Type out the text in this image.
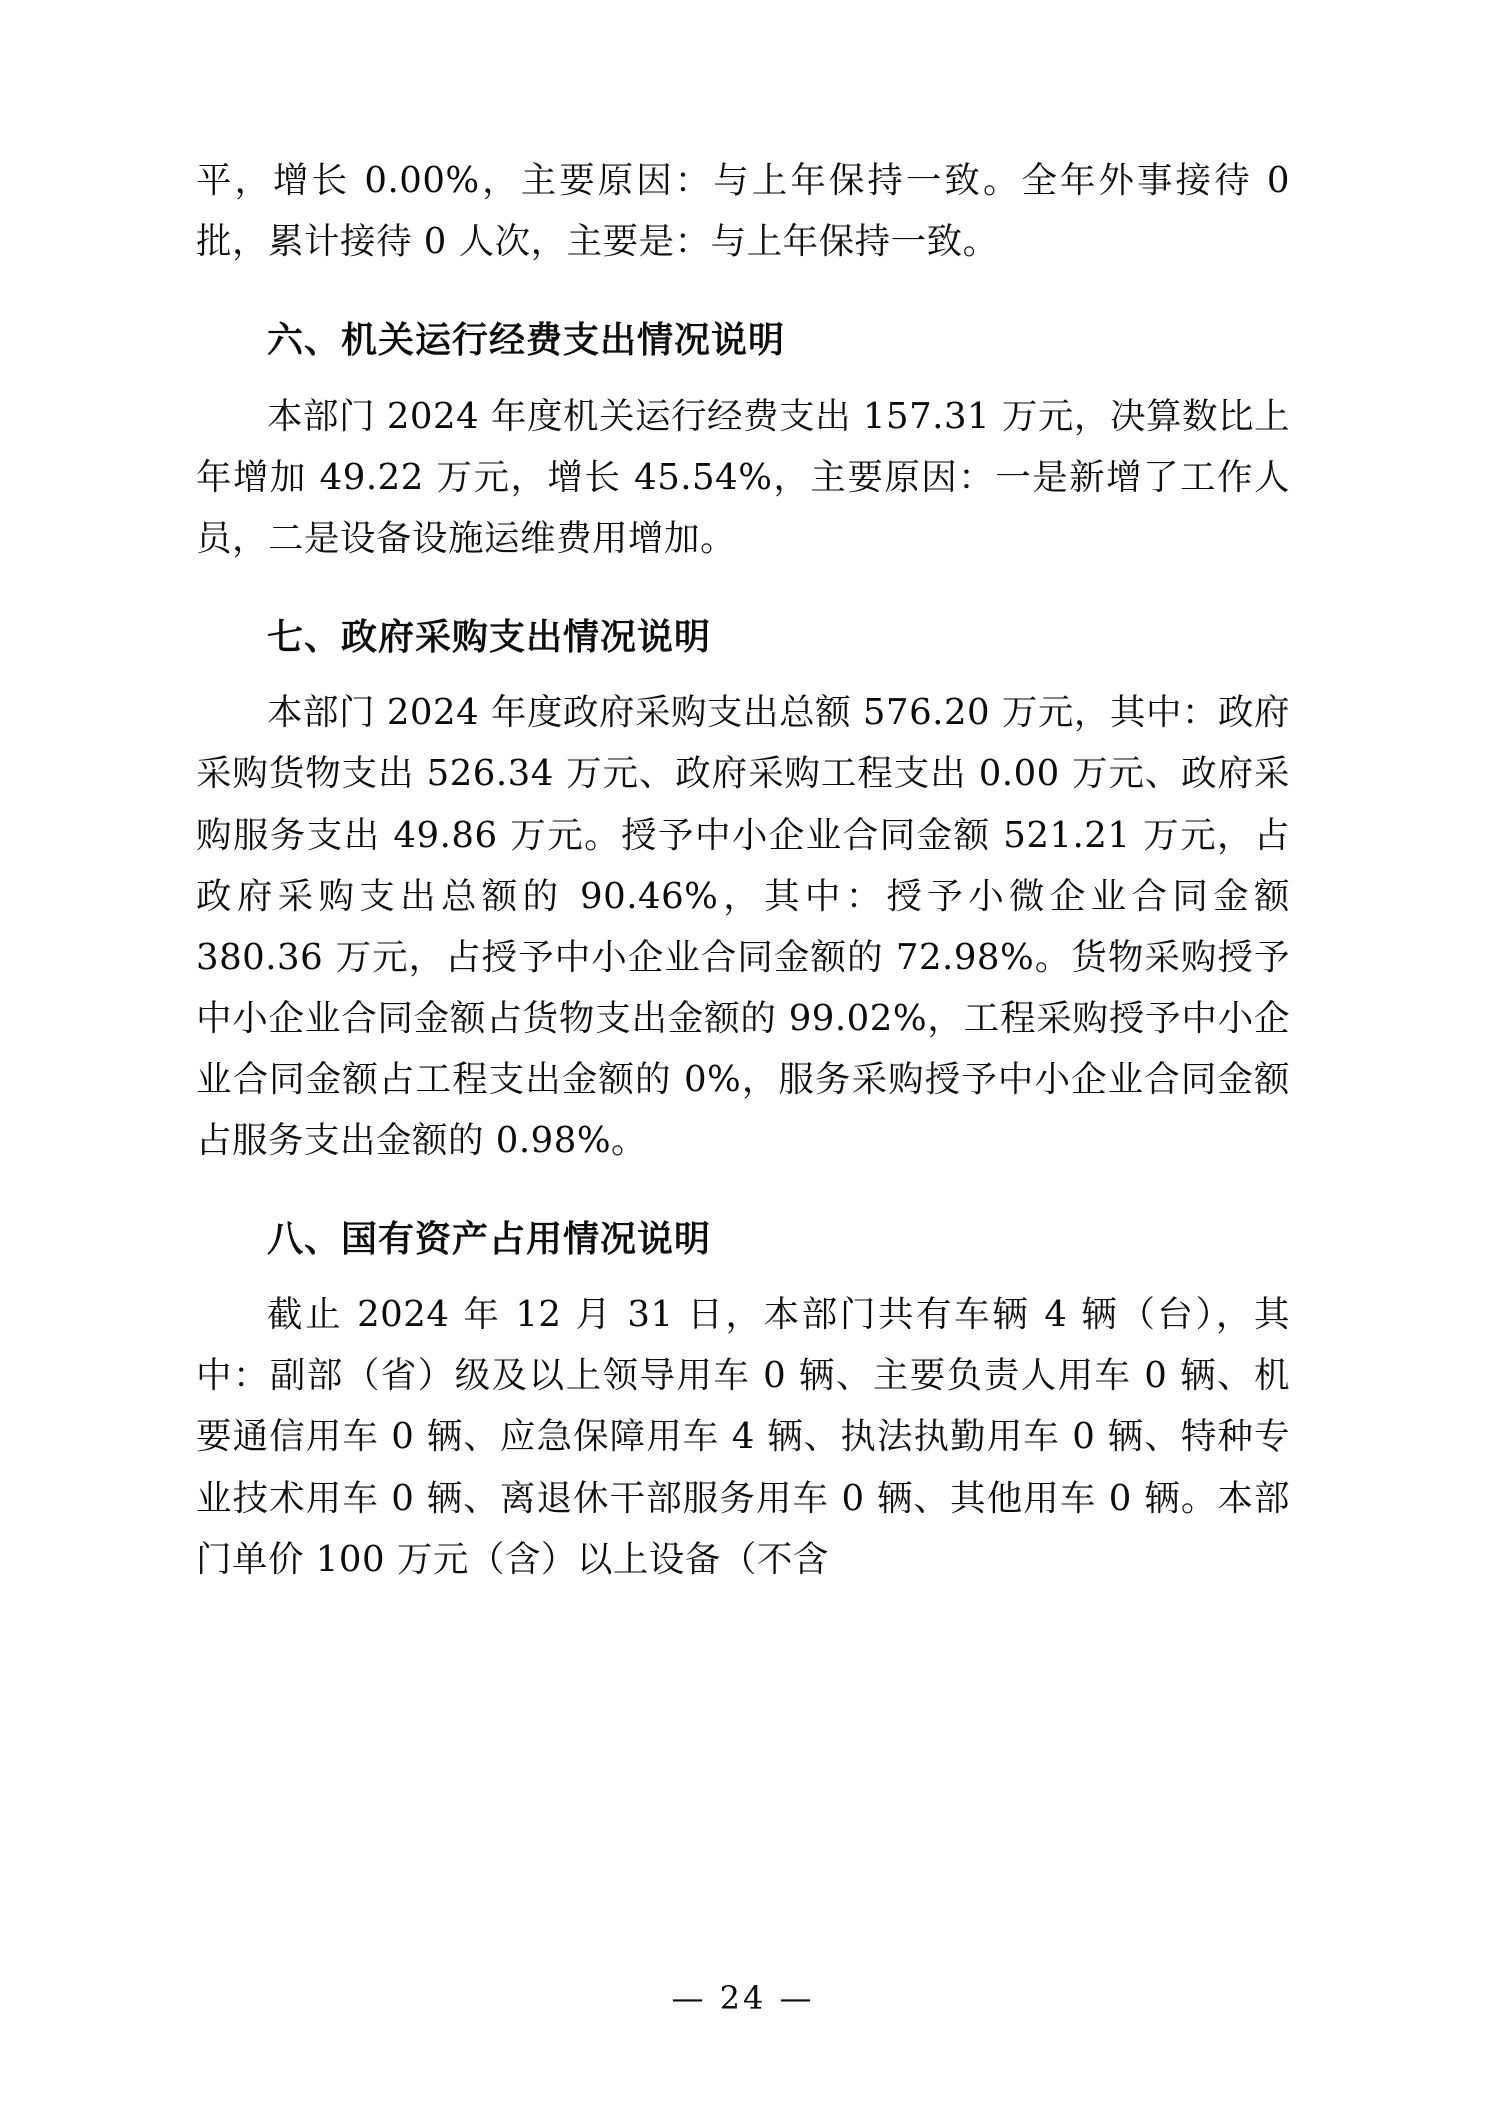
平，增长 0.00%，主要原因：与上年保持一致。全年外事接待 0 批，累计接待 0 人次，主要是：与上年保持一致。

六、机关运行经费支出情况说明

本部门 2024 年度机关运行经费支出 157.31 万元，决算数比上年增加 49.22 万元，增长 45.54%，主要原因：一是新增了工作人员，二是设备设施运维费用增加。

七、政府采购支出情况说明

本部门 2024 年度政府采购支出总额 576.20 万元，其中：政府采购货物支出 526.34 万元、政府采购工程支出 0.00 万元、政府采购服务支出 49.86 万元。授予中小企业合同金额 521.21 万元，占政府采购支出总额的 90.46%，其中：授予小微企业合同金额 380.36 万元，占授予中小企业合同金额的 72.98%。货物采购授予中小企业合同金额占货物支出金额的 99.02%，工程采购授予中小企业合同金额占工程支出金额的 0%，服务采购授予中小企业合同金额占服务支出金额的 0.98%。

八、国有资产占用情况说明

截止 2024 年 12 月 31 日，本部门共有车辆 4 辆（台），其中：副部（省）级及以上领导用车 0 辆、主要负责人用车 0 辆、机要通信用车 0 辆、应急保障用车 4 辆、执法执勤用车 0 辆、特种专业技术用车 0 辆、离退休干部服务用车 0 辆、其他用车 0 辆。本部门单价 100 万元（含）以上设备（不含

— 24 —
